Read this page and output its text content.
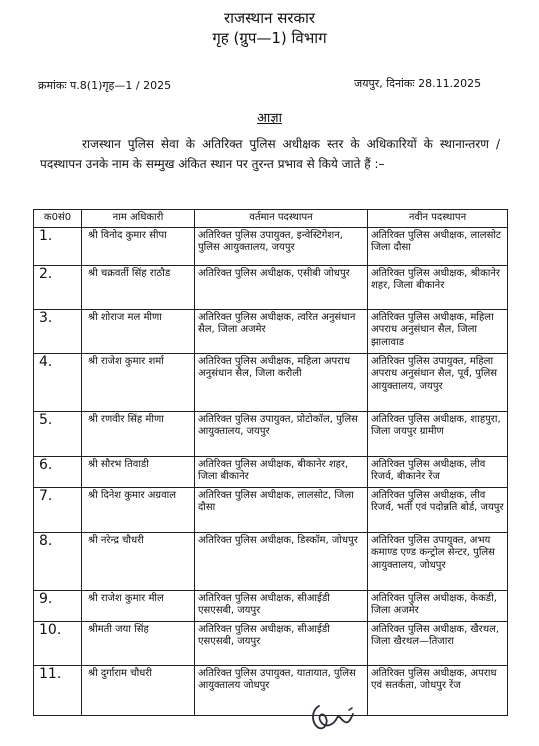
राजस्थान सरकार
गृह (ग्रुप—1) विभाग
क्रमांकः प.8(1)गृह—1 / 2025	जयपुर, दिनांकः 28.11.2025
आज्ञा
राजस्थान पुलिस सेवा के अतिरिक्त पुलिस अधीक्षक स्तर के अधिकारियों के स्थानान्तरण /पदस्थापन उनके नाम के सम्मुख अंकित स्थान पर तुरन्त प्रभाव से किये जाते हैं :–
क0सं0	नाम अधिकारी	वर्तमान पदस्थापन	नवीन पदस्थापन
1.	श्री विनोद कुमार सीपा	अतिरिक्त पुलिस उपायुक्त, इन्वेस्टिगेशन, पुलिस आयुक्तालय, जयपुर	अतिरिक्त पुलिस अधीक्षक, लालसोट जिला दौसा
2.	श्री चक्रवर्ती सिंह राठौड	अतिरिक्त पुलिस अधीक्षक, एसीबी जोधपुर	अतिरिक्त पुलिस अधीक्षक, श्रीकानेर शहर, जिला बीकानेर
3.	श्री शोराज मल मीणा	अतिरिक्त पुलिस अधीक्षक, त्वरित अनुसंधान सैल, जिला अजमेर	अतिरिक्त पुलिस अधीक्षक, महिला अपराध अनुसंधान सैल, जिला झालावाड
4.	श्री राजेश कुमार शर्मा	अतिरिक्त पुलिस अधीक्षक, महिला अपराध अनुसंधान सैल, जिला करौली	अतिरिक्त पुलिस उपायुक्त, महिला अपराध अनुसंधान सैल, पूर्व, पुलिस आयुक्तालय, जयपुर
5.	श्री रणवीर सिंह मीणा	अतिरिक्त पुलिस उपायुक्त, प्रोटोकॉल, पुलिस आयुक्तालय, जयपुर	अतिरिक्त पुलिस अधीक्षक, शाहपुरा, जिला जयपुर ग्रामीण
6.	श्री सौरभ तिवाडी	अतिरिक्त पुलिस अधीक्षक, बीकानेर शहर, जिला बीकानेर	अतिरिक्त पुलिस अधीक्षक, लीव रिजर्व, बीकानेर रेंज
7.	श्री दिनेश कुमार अग्रवाल	अतिरिक्त पुलिस अधीक्षक, लालसोट, जिला दौसा	अतिरिक्त पुलिस अधीक्षक, लीव रिजर्व, भर्ती एवं पदोन्नति बोर्ड, जयपुर
8.	श्री नरेन्द्र चौधरी	अतिरिक्त पुलिस अधीक्षक, डिस्कॉम, जोधपुर	अतिरिक्त पुलिस उपायुक्त, अभय कमाण्ड एण्ड कन्ट्रोल सेन्टर, पुलिस आयुक्तालय, जोधपुर
9.	श्री राजेश कुमार मील	अतिरिक्त पुलिस अधीक्षक, सीआईडी एसएसबी, जयपुर	अतिरिक्त पुलिस अधीक्षक, केकडी, जिला अजमेर
10.	श्रीमती जया सिंह	अतिरिक्त पुलिस अधीक्षक, सीआईडी एसएसबी, जयपुर	अतिरिक्त पुलिस अधीक्षक, खैरथल, जिला खैरथल—तिजारा
11.	श्री दुर्गाराम चौधरी	अतिरिक्त पुलिस उपायुक्त, यातायात, पुलिस आयुक्तालय जोधपुर	अतिरिक्त पुलिस अधीक्षक, अपराध एवं सतर्कता, जोधपुर रेंज
